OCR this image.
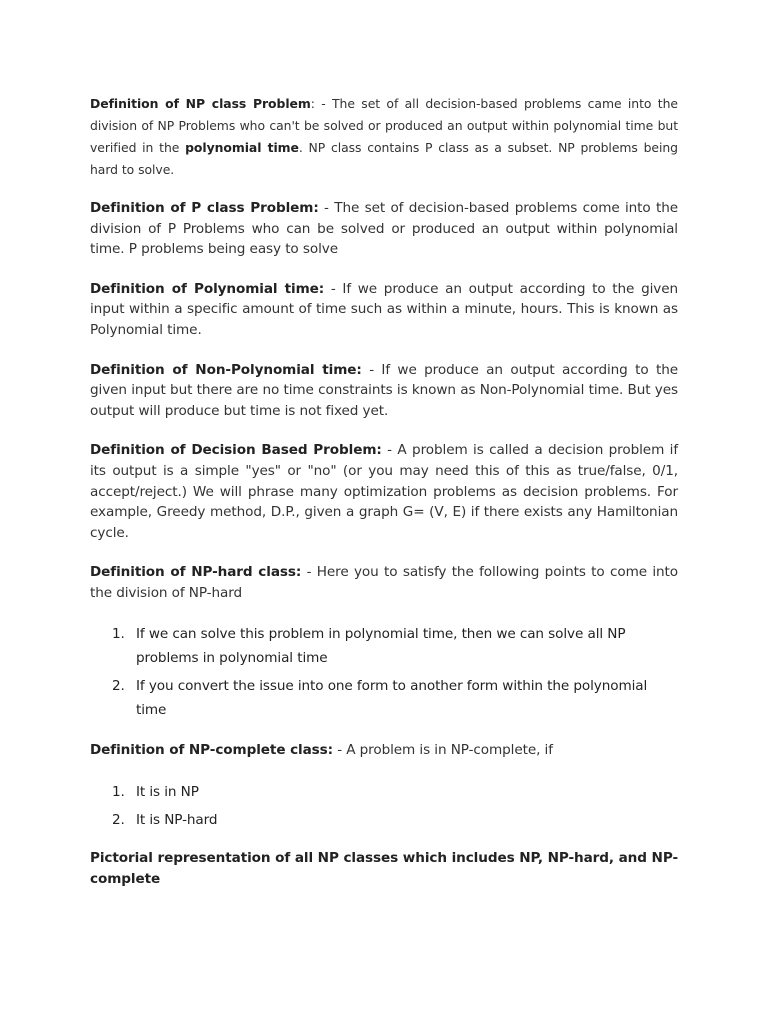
Definition of NP class Problem: - The set of all decision-based problems came into the division of NP Problems who can't be solved or produced an output within polynomial time but verified in the polynomial time. NP class contains P class as a subset. NP problems being hard to solve.

Definition of P class Problem: - The set of decision-based problems come into the division of P Problems who can be solved or produced an output within polynomial time. P problems being easy to solve

Definition of Polynomial time: - If we produce an output according to the given input within a specific amount of time such as within a minute, hours. This is known as Polynomial time.

Definition of Non-Polynomial time: - If we produce an output according to the given input but there are no time constraints is known as Non-Polynomial time. But yes output will produce but time is not fixed yet.

Definition of Decision Based Problem: - A problem is called a decision problem if its output is a simple "yes" or "no" (or you may need this of this as true/false, 0/1, accept/reject.) We will phrase many optimization problems as decision problems. For example, Greedy method, D.P., given a graph G= (V, E) if there exists any Hamiltonian cycle.

Definition of NP-hard class: - Here you to satisfy the following points to come into the division of NP-hard

1. If we can solve this problem in polynomial time, then we can solve all NP problems in polynomial time
2. If you convert the issue into one form to another form within the polynomial time

Definition of NP-complete class: - A problem is in NP-complete, if

1. It is in NP
2. It is NP-hard

Pictorial representation of all NP classes which includes NP, NP-hard, and NP-complete
